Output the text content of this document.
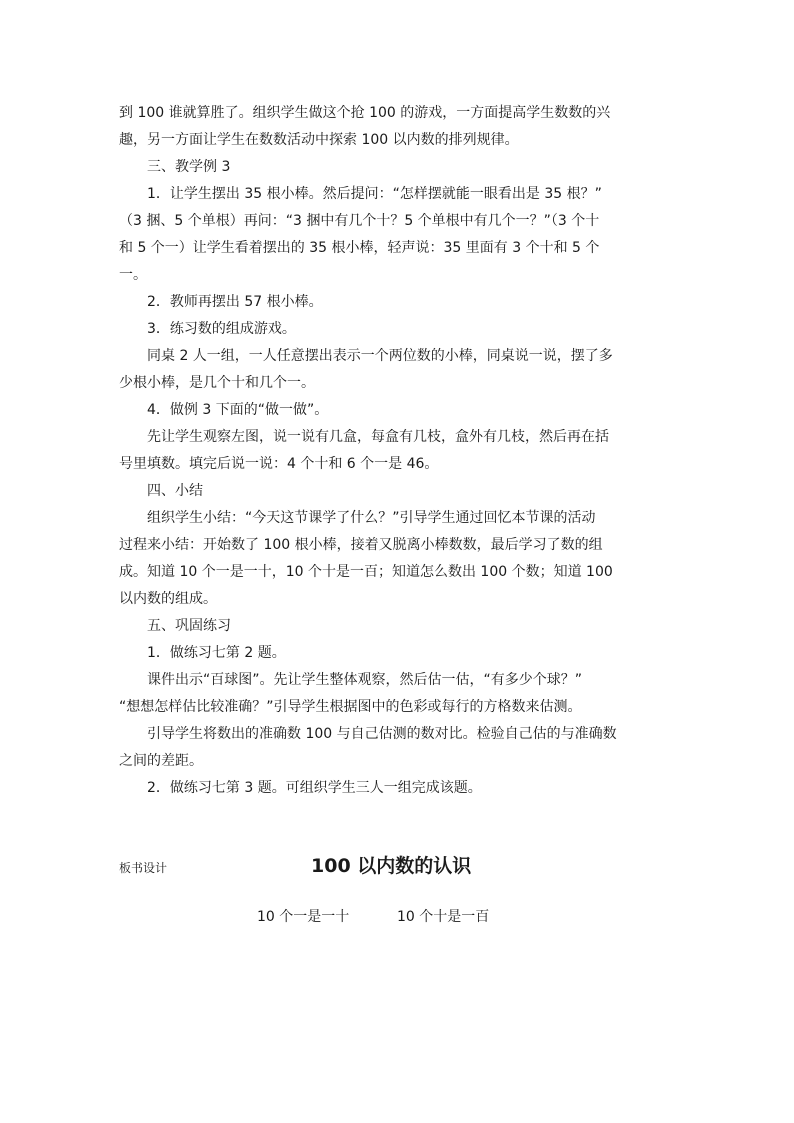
到 100 谁就算胜了。组织学生做这个抢 100 的游戏，一方面提高学生数数的兴
趣，另一方面让学生在数数活动中探索 100 以内数的排列规律。
三、教学例 3
1．让学生摆出 35 根小棒。然后提问：“怎样摆就能一眼看出是 35 根？”
（3 捆、5 个单根）再问：“3 捆中有几个十？5 个单根中有几个一？”（3 个十
和 5 个一）让学生看着摆出的 35 根小棒，轻声说：35 里面有 3 个十和 5 个
一。
2．教师再摆出 57 根小棒。
3．练习数的组成游戏。
同桌 2 人一组，一人任意摆出表示一个两位数的小棒，同桌说一说，摆了多
少根小棒，是几个十和几个一。
4．做例 3 下面的“做一做”。
先让学生观察左图，说一说有几盒，每盒有几枝，盒外有几枝，然后再在括
号里填数。填完后说一说：4 个十和 6 个一是 46。
四、小结
组织学生小结：“今天这节课学了什么？”引导学生通过回忆本节课的活动
过程来小结：开始数了 100 根小棒，接着又脱离小棒数数，最后学习了数的组
成。知道 10 个一是一十，10 个十是一百；知道怎么数出 100 个数；知道 100
以内数的组成。
五、巩固练习
1．做练习七第 2 题。
课件出示“百球图”。先让学生整体观察，然后估一估，“有多少个球？”
“想想怎样估比较准确？”引导学生根据图中的色彩或每行的方格数来估测。
引导学生将数出的准确数 100 与自己估测的数对比。检验自己估的与准确数
之间的差距。
2．做练习七第 3 题。可组织学生三人一组完成该题。
板书设计	100 以内数的认识
10 个一是一十	10 个十是一百
